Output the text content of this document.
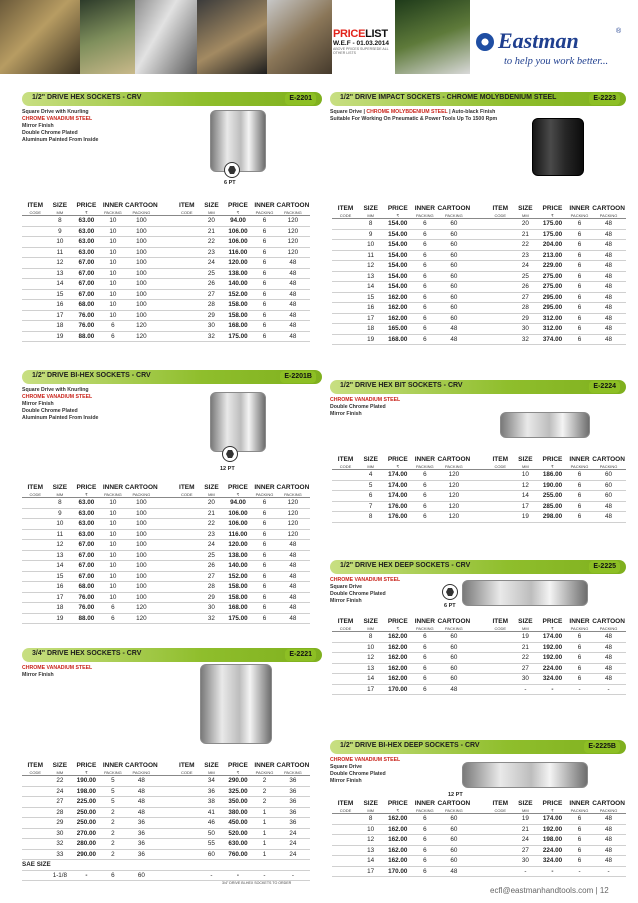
PRICELIST
W.E.F - 01.03.2014
ABOVE PRICES SUPERSEDE ALL OTHER LISTS	Eastman	®
to help you work better...
1/2" DRIVE HEX SOCKETS - CRV	E-2201
Square Drive with Knurling
CHROME VANADIUM STEEL
Mirror Finish
Double Chrome Plated
Aluminum Painted From Inside
6 PT
ITEM
CODE	SIZE
MM	PRICE
₹	INNER
PACKING	CARTOON
PACKING		ITEM
CODE	SIZE
MM	PRICE
₹	INNER
PACKING	CARTOON
PACKING

	8	63.00	10	100			20	94.00	6	120
	9	63.00	10	100			21	106.00	6	120
	10	63.00	10	100			22	106.00	6	120
	11	63.00	10	100			23	116.00	6	120
	12	67.00	10	100			24	120.00	6	48
	13	67.00	10	100			25	138.00	6	48
	14	67.00	10	100			26	140.00	6	48
	15	67.00	10	100			27	152.00	6	48
	16	68.00	10	100			28	158.00	6	48
	17	76.00	10	100			29	158.00	6	48
	18	76.00	6	120			30	168.00	6	48
	19	88.00	6	120			32	175.00	6	48
1/2" DRIVE IMPACT SOCKETS - CHROME MOLYBDENIUM STEEL	E-2223
Square Drive | CHROME MOLYBDENIUM STEEL | Auto-black Finish
Suitable For Working On Pneumatic & Power Tools Up To 1500 Rpm
ITEM
CODE	SIZE
MM	PRICE
₹	INNER
PACKING	CARTOON
PACKING		ITEM
CODE	SIZE
MM	PRICE
₹	INNER
PACKING	CARTOON
PACKING

	8	154.00	6	60			20	175.00	6	48
	9	154.00	6	60			21	175.00	6	48
	10	154.00	6	60			22	204.00	6	48
	11	154.00	6	60			23	213.00	6	48
	12	154.00	6	60			24	229.00	6	48
	13	154.00	6	60			25	275.00	6	48
	14	154.00	6	60			26	275.00	6	48
	15	162.00	6	60			27	295.00	6	48
	16	162.00	6	60			28	295.00	6	48
	17	162.00	6	60			29	312.00	6	48
	18	165.00	6	48			30	312.00	6	48
	19	168.00	6	48			32	374.00	6	48
1/2" DRIVE BI-HEX SOCKETS - CRV	E-2201B
Square Drive with Knurling
CHROME VANADIUM STEEL
Mirror Finish
Double Chrome Plated
Aluminum Painted From Inside
12 PT
ITEM
CODE	SIZE
MM	PRICE
₹	INNER
PACKING	CARTOON
PACKING		ITEM
CODE	SIZE
MM	PRICE
₹	INNER
PACKING	CARTOON
PACKING

	8	63.00	10	100			20	94.00	6	120
	9	63.00	10	100			21	106.00	6	120
	10	63.00	10	100			22	106.00	6	120
	11	63.00	10	100			23	116.00	6	120
	12	67.00	10	100			24	120.00	6	48
	13	67.00	10	100			25	138.00	6	48
	14	67.00	10	100			26	140.00	6	48
	15	67.00	10	100			27	152.00	6	48
	16	68.00	10	100			28	158.00	6	48
	17	76.00	10	100			29	158.00	6	48
	18	76.00	6	120			30	168.00	6	48
	19	88.00	6	120			32	175.00	6	48
1/2" DRIVE HEX BIT SOCKETS - CRV	E-2224
CHROME VANADIUM STEEL
Double Chrome Plated
Mirror Finish
ITEM
CODE	SIZE
MM	PRICE
₹	INNER
PACKING	CARTOON
PACKING		ITEM
CODE	SIZE
MM	PRICE
₹	INNER
PACKING	CARTOON
PACKING

	4	174.00	6	120			10	186.00	6	60
	5	174.00	6	120			12	190.00	6	60
	6	174.00	6	120			14	255.00	6	60
	7	176.00	6	120			17	285.00	6	48
	8	176.00	6	120			19	298.00	6	48
1/2" DRIVE HEX DEEP SOCKETS - CRV	E-2225
CHROME VANADIUM STEEL
Square Drive
Double Chrome Plated
Mirror Finish
6 PT
ITEM
CODE	SIZE
MM	PRICE
₹	INNER
PACKING	CARTOON
PACKING		ITEM
CODE	SIZE
MM	PRICE
₹	INNER
PACKING	CARTOON
PACKING

	8	162.00	6	60			19	174.00	6	48
	10	162.00	6	60			21	192.00	6	48
	12	162.00	6	60			22	192.00	6	48
	13	162.00	6	60			27	224.00	6	48
	14	162.00	6	60			30	324.00	6	48
	17	170.00	6	48			-	-	-	-
3/4" DRIVE HEX SOCKETS - CRV	E-2221
CHROME VANADIUM STEEL
Mirror Finish
ITEM
CODE	SIZE
MM	PRICE
₹	INNER
PACKING	CARTOON
PACKING		ITEM
CODE	SIZE
MM	PRICE
₹	INNER
PACKING	CARTOON
PACKING

	22	190.00	5	48			34	290.00	2	36
	24	198.00	5	48			36	325.00	2	36
	27	225.00	5	48			38	350.00	2	36
	28	250.00	2	48			41	380.00	1	36
	29	250.00	2	36			46	450.00	1	36
	30	270.00	2	36			50	520.00	1	24
	32	280.00	2	36			55	630.00	1	24
	33	290.00	2	36			60	760.00	1	24
SAE SIZE										
	1-1/8	-	6	60			-	-	-	-
3/4" DRIVE BI-HEX SOCKETS TO ORDER
1/2" DRIVE BI-HEX DEEP SOCKETS - CRV	E-2225B
CHROME VANADIUM STEEL
Square Drive
Double Chrome Plated
Mirror Finish
12 PT
ITEM
CODE	SIZE
MM	PRICE
₹	INNER
PACKING	CARTOON
PACKING		ITEM
CODE	SIZE
MM	PRICE
₹	INNER
PACKING	CARTOON
PACKING

	8	162.00	6	60			19	174.00	6	48
	10	162.00	6	60			21	192.00	6	48
	12	162.00	6	60			24	198.00	6	48
	13	162.00	6	60			27	224.00	6	48
	14	162.00	6	60			30	324.00	6	48
	17	170.00	6	48			-	-	-	-
ecfl@eastmanhandtools.com | 12
